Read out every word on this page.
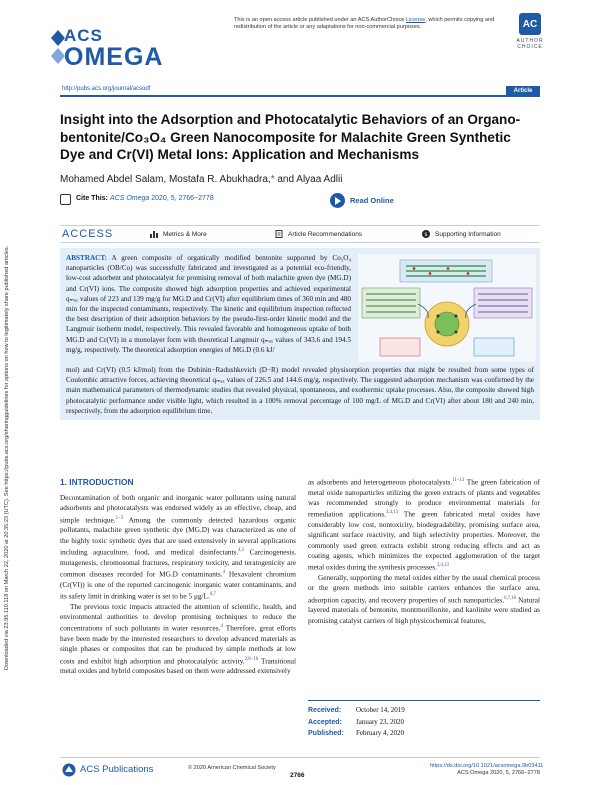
ACS
OMEGA
This is an open access article published under an ACS AuthorChoice License, which permits copying and redistribution of the article or any adaptations for non-commercial purposes.	AC
AUTHOR CHOICE
http://pubs.acs.org/journal/acsodf	Article
Insight into the Adsorption and Photocatalytic Behaviors of an Organo-bentonite/Co₃O₄ Green Nanocomposite for Malachite Green Synthetic Dye and Cr(VI) Metal Ions: Application and Mechanisms
Mohamed Abdel Salam, Mostafa R. Abukhadra,* and Alyaa Adlii
Cite This: ACS Omega 2020, 5, 2766−2778	Read Online
ACCESS	Metrics & More	Article Recommendations	s Supporting Information
ABSTRACT: A green composite of organically modified bentonite supported by Co₃O₄ nanoparticles (OB/Co) was successfully fabricated and investigated as a potential eco-friendly, low-cost adsorbent and photocatalyst for promising removal of both malachite green dye (MG.D) and Cr(VI) ions. The composite showed high adsorption properties and achieved experimental qₘₐₓ values of 223 and 139 mg/g for MG.D and Cr(VI) after equilibrium times of 360 min and 480 min for the inspected contaminants, respectively. The kinetic and equilibrium inspection reflected the best description of their adsorption behaviors by the pseudo-first-order kinetic model and the Langmuir isotherm model, respectively. This revealed favorable and homogeneous uptake of both MG.D and Cr(VI) in a monolayer form with theoretical Langmuir qₘₐₓ values of 343.6 and 194.5 mg/g, respectively. The theoretical adsorption energies of MG.D (0.6 kJ/
mol) and Cr(VI) (0.5 kJ/mol) from the Dubinin−Radushkevich (D−R) model revealed physisorption properties that might be resulted from some types of Coulombic attractive forces, achieving theoretical qₘₐₓ values of 226.5 and 144.6 mg/g, respectively. The suggested adsorption mechanism was confirmed by the main mathematical parameters of thermodynamic studies that revealed physical, spontaneous, and exothermic uptake processes. Also, the composite showed high photocatalytic performance under visible light, which resulted in a 100% removal percentage of 100 mg/L of MG.D and Cr(VI) after about 180 and 240 min, respectively, from the adsorption equilibrium time.
Downloaded via 23.95.110.118 on March 22, 2020 at 20:35:23 (UTC). See https://pubs.acs.org/sharingguidelines for options on how to legitimately share published articles.	1. INTRODUCTION

Decontamination of both organic and inorganic water pollutants using natural adsorbents and photocatalysts was endorsed widely as an effective, cheap, and simple technique.$^{1-3}$ Among the commonly detected hazardous organic pollutants, malachite green synthetic dye (MG.D) was characterized as one of the highly toxic synthetic dyes that are used extensively in several applications including aquaculture, food, and medical disinfectants.$^{4,5}$ Carcinogenesis, mutagenesis, chromosomal fractures, respiratory toxicity, and teratogenicity are common diseases recorded for MG.D contaminants.$^4$ Hexavalent chromium (Cr(VI)) is one of the reported carcinogenic inorganic water contaminants, and its safety limit in drinking water is set to be 5 μg/L.$^{6,7}$

The previous toxic impacts attracted the attention of scientific, health, and environmental authorities to develop promising techniques to reduce the concentrations of such pollutants in water resources.$^4$ Therefore, great efforts have been made by the interested researchers to develop advanced materials as single phases or composites that can be produced by simple methods at low costs and exhibit high adsorption and photocatalytic activity.$^{2,8-10}$ Transitional metal oxides and hybrid composites based on them were addressed extensively

as adsorbents and heterogeneous photocatalysts.$^{11-13}$ The green fabrication of metal oxide nanoparticles utilizing the green extracts of plants and vegetables was recommended strongly to produce environmental materials for remediation applications.$^{3,4,13}$ The green fabricated metal oxides have considerably low cost, nontoxicity, biodegradability, promising surface area, significant surface reactivity, and high selectivity properties. Moreover, the commonly used green extracts exhibit strong reducing effects and act as coating agents, which minimizes the expected agglomeration of the target metal oxides during the synthesis processes.$^{3,4,13}$

Generally, supporting the metal oxides either by the usual chemical process or the green methods into suitable carriers enhances the surface area, adsorption capacity, and recovery properties of such nanoparticles.$^{6,7,10}$ Natural layered materials of bentonite, montmorillonite, and kaolinite were studied as promising catalyst carriers of high physicochemical features,

Received: October 14, 2019
Accepted: January 23, 2020
Published: February 4, 2020
ACS Publications	© 2020 American Chemical Society
2766
https://dx.doi.org/10.1021/acsomega.9b03411
ACS Omega 2020, 5, 2766−2778
